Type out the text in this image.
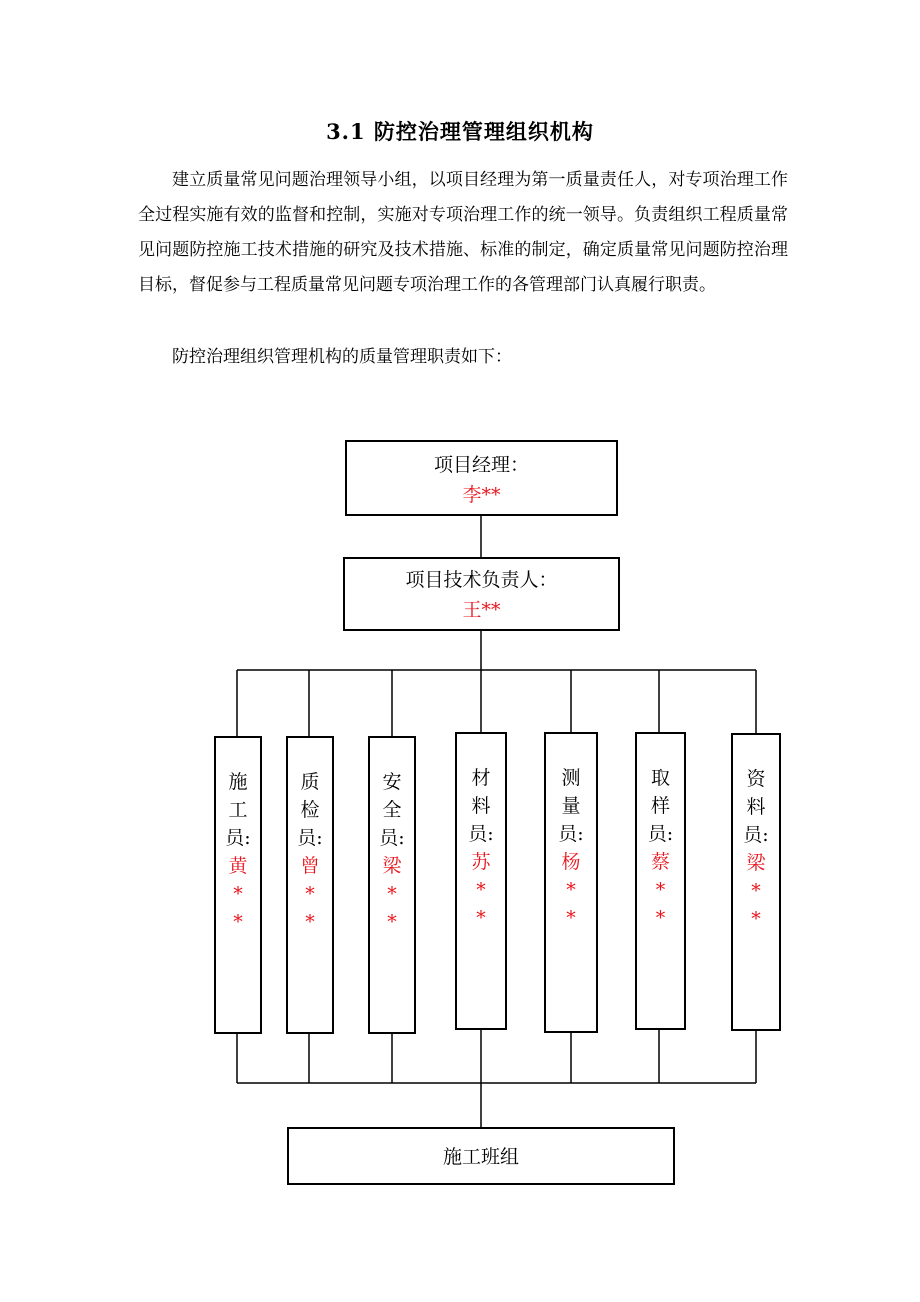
3.1 防控治理管理组织机构
建立质量常见问题治理领导小组，以项目经理为第一质量责任人，对专项治理工作全过程实施有效的监督和控制，实施对专项治理工作的统一领导。负责组织工程质量常见问题防控施工技术措施的研究及技术措施、标准的制定，确定质量常见问题防控治理目标，督促参与工程质量常见问题专项治理工作的各管理部门认真履行职责。
防控治理组织管理机构的质量管理职责如下：
项目经理：
李**
项目技术负责人：
王**
施
工
员:
黄
*
*
质
检
员:
曾
*
*
安
全
员:
梁
*
*
材
料
员:
苏
*
*
测
量
员:
杨
*
*
取
样
员:
蔡
*
*
资
料
员:
梁
*
*
施工班组
